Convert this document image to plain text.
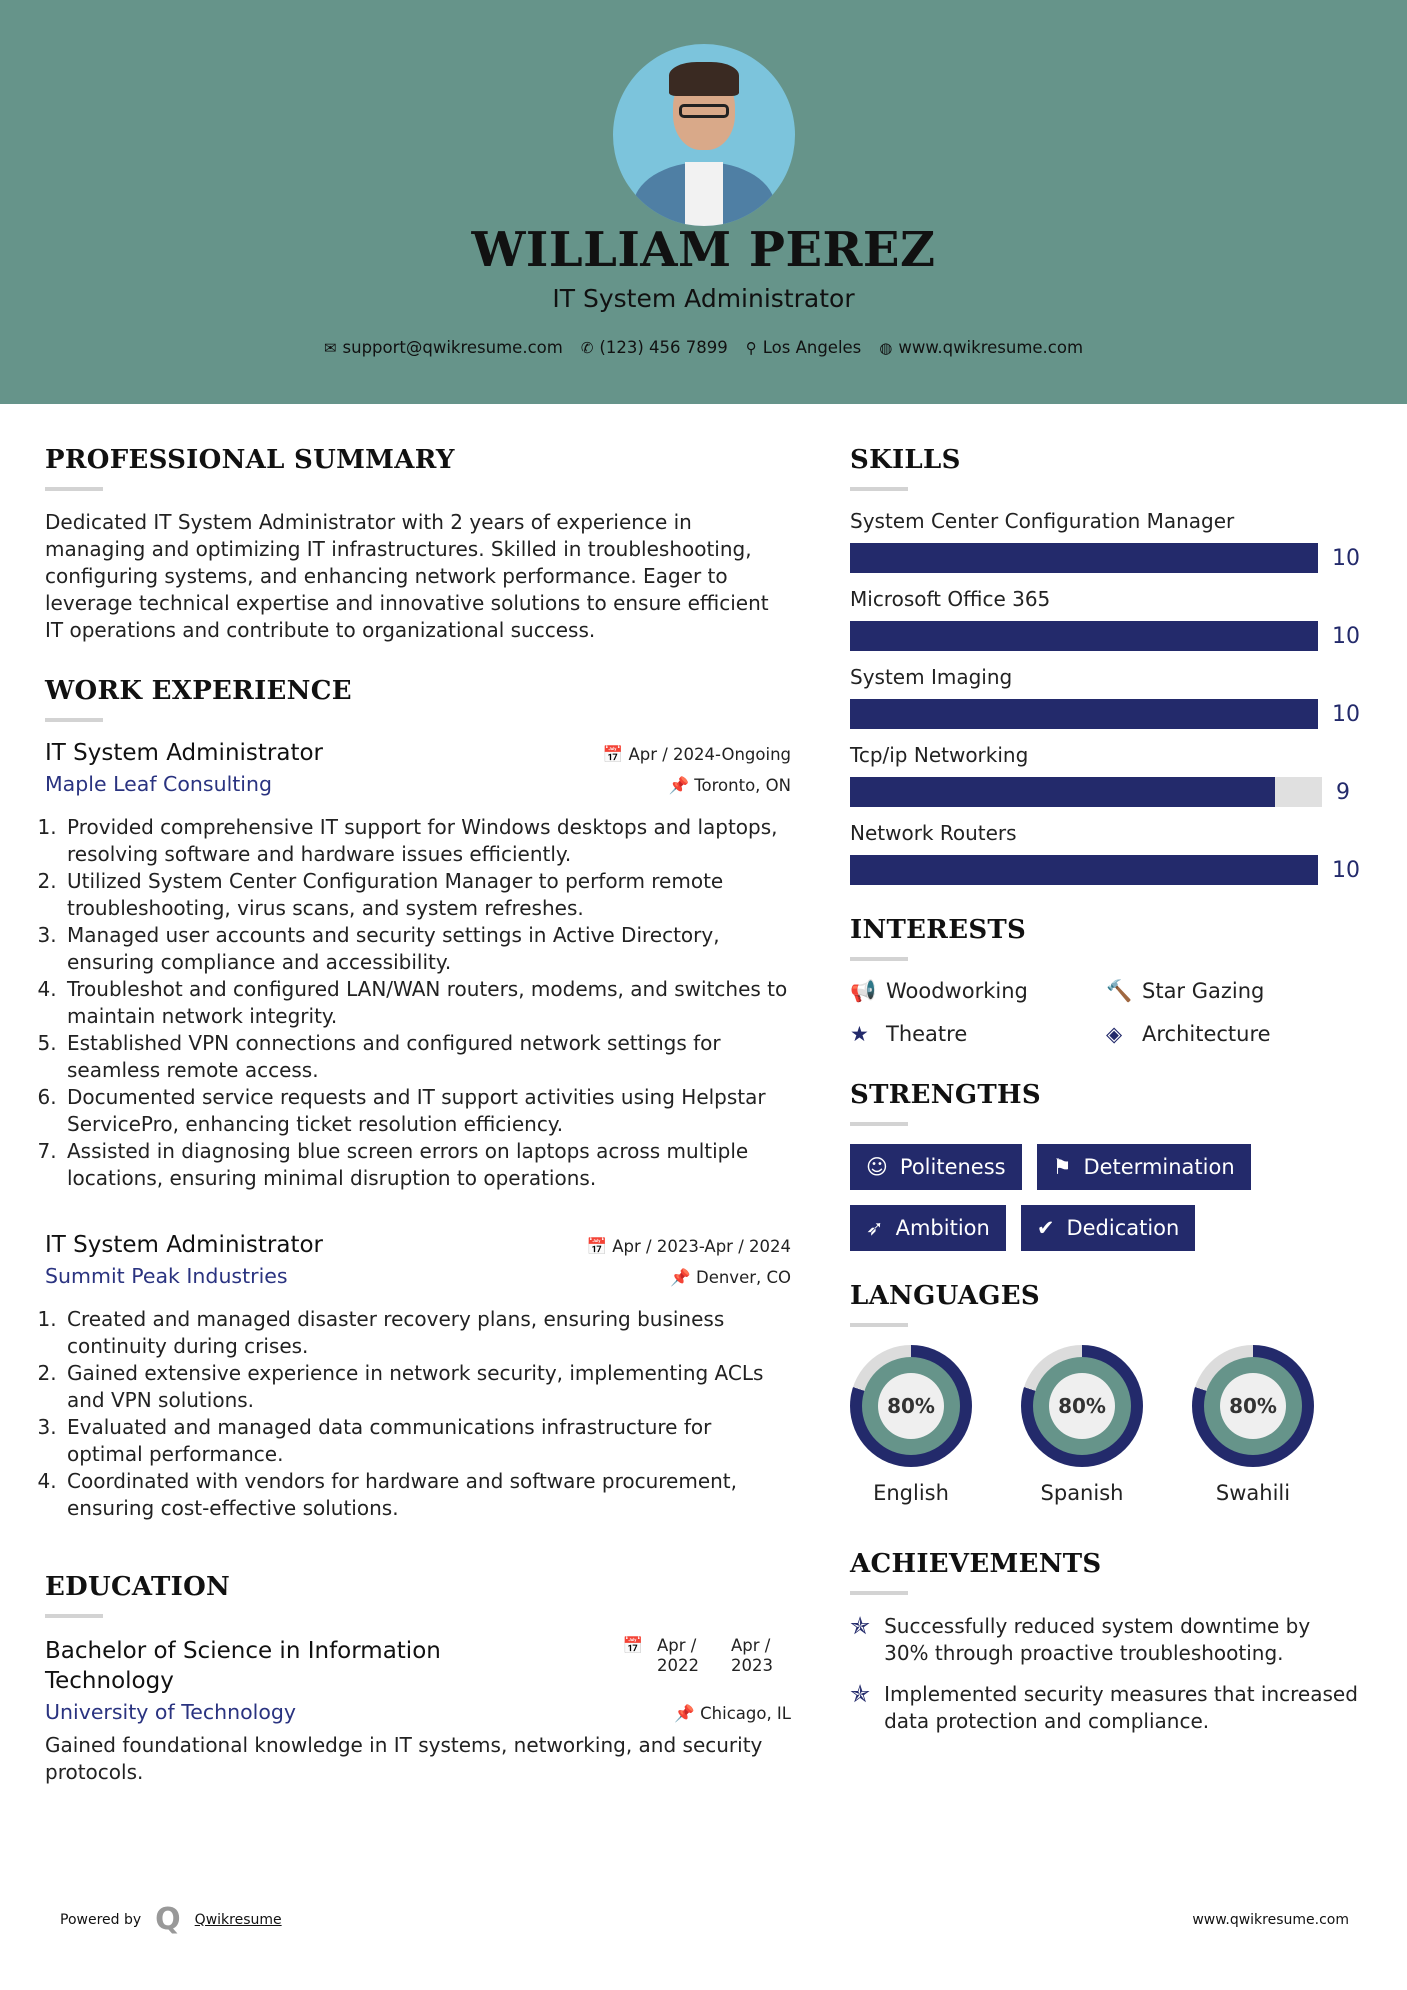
WILLIAM PEREZ
IT System Administrator
✉ support@qwikresume.com ✆ (123) 456 7899 ⚲ Los Angeles ◍ www.qwikresume.com
PROFESSIONAL SUMMARY

Dedicated IT System Administrator with 2 years of experience in managing and optimizing IT infrastructures. Skilled in troubleshooting, configuring systems, and enhancing network performance. Eager to leverage technical expertise and innovative solutions to ensure efficient IT operations and contribute to organizational success.

WORK EXPERIENCE
IT System Administrator	📅 Apr / 2024-Ongoing
Maple Leaf Consulting	📌 Toronto, ON
1. Provided comprehensive IT support for Windows desktops and laptops, resolving software and hardware issues efficiently.
2. Utilized System Center Configuration Manager to perform remote troubleshooting, virus scans, and system refreshes.
3. Managed user accounts and security settings in Active Directory, ensuring compliance and accessibility.
4. Troubleshot and configured LAN/WAN routers, modems, and switches to maintain network integrity.
5. Established VPN connections and configured network settings for seamless remote access.
6. Documented service requests and IT support activities using Helpstar ServicePro, enhancing ticket resolution efficiency.
7. Assisted in diagnosing blue screen errors on laptops across multiple locations, ensuring minimal disruption to operations.
IT System Administrator	📅 Apr / 2023-Apr / 2024
Summit Peak Industries	📌 Denver, CO
1. Created and managed disaster recovery plans, ensuring business continuity during crises.
2. Gained extensive experience in network security, implementing ACLs and VPN solutions.
3. Evaluated and managed data communications infrastructure for optimal performance.
4. Coordinated with vendors for hardware and software procurement, ensuring cost-effective solutions.
EDUCATION
Bachelor of Science in Information Technology
📅 Apr / 2022
Apr / 2023
University of Technology	📌 Chicago, IL

Gained foundational knowledge in IT systems, networking, and security protocols.

SKILLS
System Center Configuration Manager
10
Microsoft Office 365
10
System Imaging
10
Tcp/ip Networking
9
Network Routers
10
INTERESTS
📢 Woodworking	🔨 Star Gazing
★ Theatre	◈ Architecture
STRENGTHS
☺ Politeness ⚑ Determination
➶ Ambition ✔ Dedication
LANGUAGES
80%
English
80%
Spanish
80%
Swahili
ACHIEVEMENTS
✯ Successfully reduced system downtime by 30% through proactive troubleshooting.
✯ Implemented security measures that increased data protection and compliance.
Powered by Q Qwikresume	www.qwikresume.com
